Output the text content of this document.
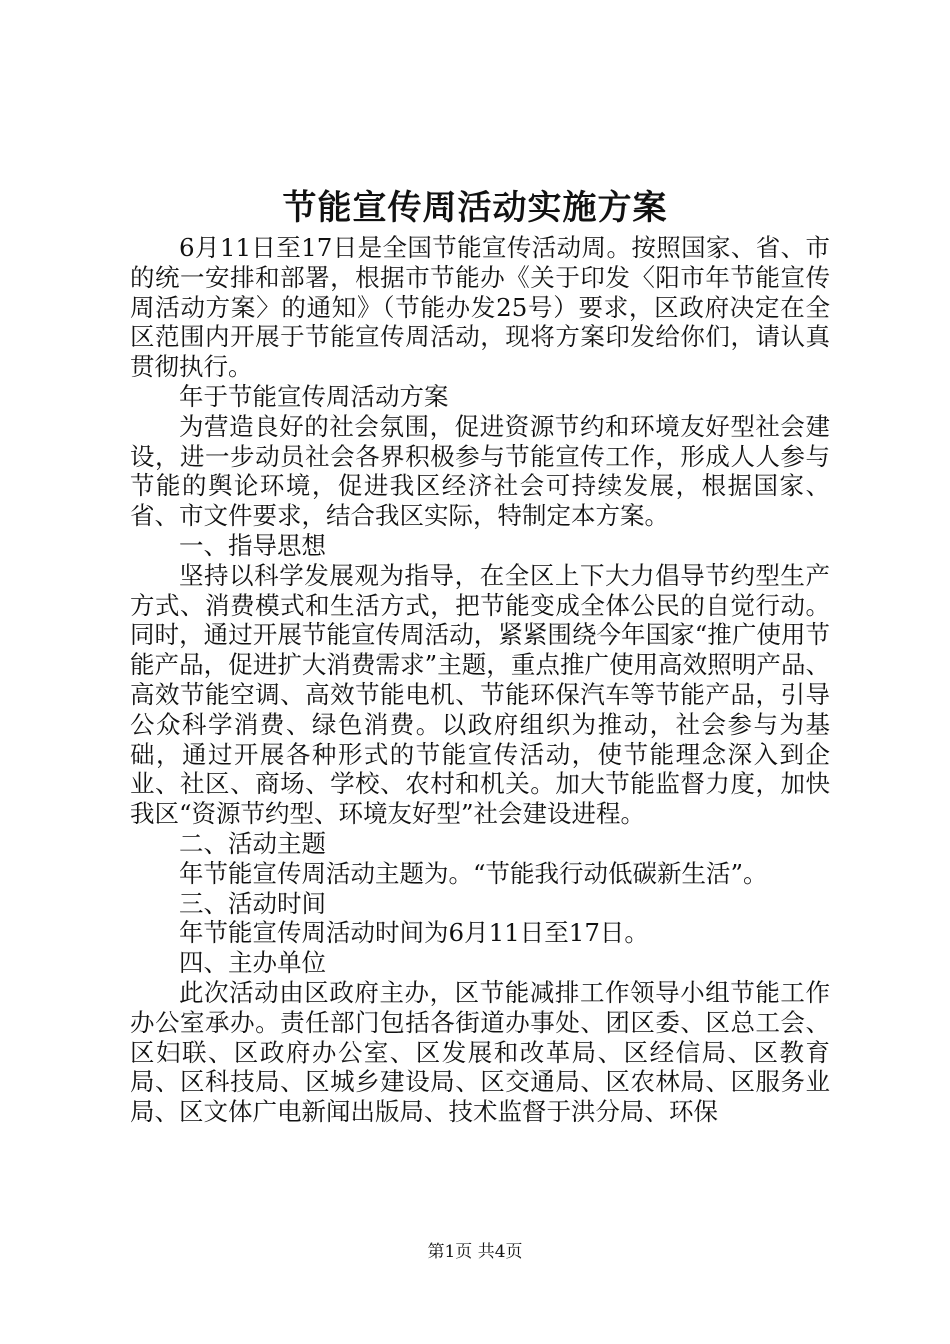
节能宣传周活动实施方案

6月11日至17日是全国节能宣传活动周。按照国家、省、市的统一安排和部署，根据市节能办《关于印发〈阳市年节能宣传周活动方案〉的通知》（节能办发25号）要求，区政府决定在全区范围内开展于节能宣传周活动，现将方案印发给你们，请认真贯彻执行。

年于节能宣传周活动方案

为营造良好的社会氛围，促进资源节约和环境友好型社会建设，进一步动员社会各界积极参与节能宣传工作，形成人人参与节能的舆论环境，促进我区经济社会可持续发展，根据国家、省、市文件要求，结合我区实际，特制定本方案。

一、指导思想

坚持以科学发展观为指导，在全区上下大力倡导节约型生产方式、消费模式和生活方式，把节能变成全体公民的自觉行动。同时，通过开展节能宣传周活动，紧紧围绕今年国家“推广使用节能产品，促进扩大消费需求”主题，重点推广使用高效照明产品、高效节能空调、高效节能电机、节能环保汽车等节能产品，引导公众科学消费、绿色消费。以政府组织为推动，社会参与为基础，通过开展各种形式的节能宣传活动，使节能理念深入到企业、社区、商场、学校、农村和机关。加大节能监督力度，加快我区“资源节约型、环境友好型”社会建设进程。

二、活动主题

年节能宣传周活动主题为。“节能我行动低碳新生活”。

三、活动时间

年节能宣传周活动时间为6月11日至17日。

四、主办单位

此次活动由区政府主办，区节能减排工作领导小组节能工作办公室承办。责任部门包括各街道办事处、团区委、区总工会、区妇联、区政府办公室、区发展和改革局、区经信局、区教育局、区科技局、区城乡建设局、区交通局、区农林局、区服务业局、区文体广电新闻出版局、技术监督于洪分局、环保

第1页 共4页
